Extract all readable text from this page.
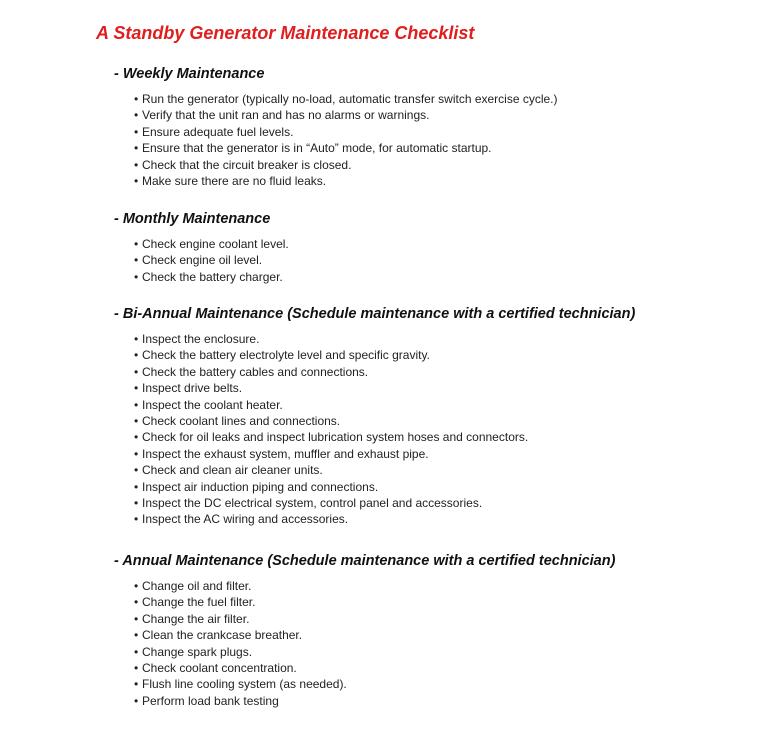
A Standby Generator Maintenance Checklist
- Weekly Maintenance
• Run the generator (typically no-load, automatic transfer switch exercise cycle.)
• Verify that the unit ran and has no alarms or warnings.
• Ensure adequate fuel levels.
• Ensure that the generator is in “Auto” mode, for automatic startup.
• Check that the circuit breaker is closed.
• Make sure there are no fluid leaks.
- Monthly Maintenance
• Check engine coolant level.
• Check engine oil level.
• Check the battery charger.
- Bi-Annual Maintenance (Schedule maintenance with a certified technician)
• Inspect the enclosure.
• Check the battery electrolyte level and specific gravity.
• Check the battery cables and connections.
• Inspect drive belts.
• Inspect the coolant heater.
• Check coolant lines and connections.
• Check for oil leaks and inspect lubrication system hoses and connectors.
• Inspect the exhaust system, muffler and exhaust pipe.
• Check and clean air cleaner units.
• Inspect air induction piping and connections.
• Inspect the DC electrical system, control panel and accessories.
• Inspect the AC wiring and accessories.
- Annual Maintenance (Schedule maintenance with a certified technician)
• Change oil and filter.
• Change the fuel filter.
• Change the air filter.
• Clean the crankcase breather.
• Change spark plugs.
• Check coolant concentration.
• Flush line cooling system (as needed).
• Perform load bank testing
